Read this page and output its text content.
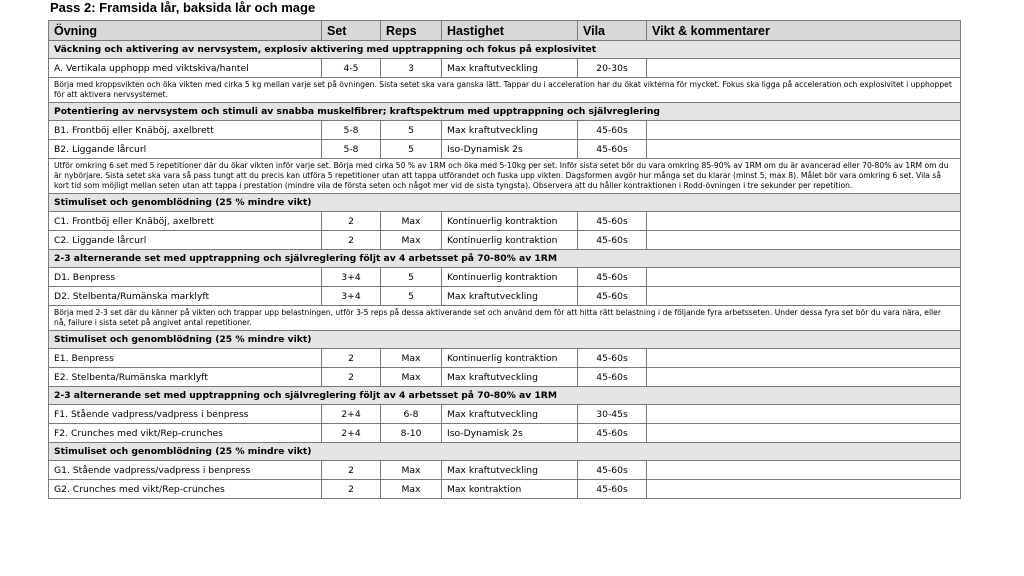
Pass 2: Framsida lår, baksida lår och mage
Övning	Set	Reps	Hastighet	Vila	Vikt & kommentarer
Väckning och aktivering av nervsystem, explosiv aktivering med upptrappning och fokus på explosivitet					
A. Vertikala upphopp med viktskiva/hantel	4-5	3	Max kraftutveckling	20-30s	
Börja med kroppsvikten och öka vikten med cirka 5 kg mellan varje set på övningen. Sista setet ska vara ganska lätt. Tappar du i acceleration har du ökat vikterna för mycket. Fokus ska ligga på acceleration och explosivitet i upphoppet för att aktivera nervsystemet.					
Potentiering av nervsystem och stimuli av snabba muskelfibrer; kraftspektrum med upptrappning och självreglering					
B1. Frontböj eller Knäböj, axelbrett	5-8	5	Max kraftutveckling	45-60s	
B2. Liggande lårcurl	5-8	5	Iso-Dynamisk 2s	45-60s	
Utför omkring 6 set med 5 repetitioner där du ökar vikten inför varje set. Börja med cirka 50 % av 1RM och öka med 5-10kg per set. Inför sista setet bör du vara omkring 85-90% av 1RM om du är avancerad eller 70-80% av 1RM om du är nybörjare. Sista setet ska vara så pass tungt att du precis kan utföra 5 repetitioner utan att tappa utförandet och fuska upp vikten. Dagsformen avgör hur många set du klarar (minst 5, max 8). Målet bör vara omkring 6 set. Vila så kort tid som möjligt mellan seten utan att tappa i prestation (mindre vila de första seten och något mer vid de sista tyngsta). Observera att du håller kontraktionen i Rodd-övningen i tre sekunder per repetition.					
Stimuliset och genomblödning (25 % mindre vikt)					
C1. Frontböj eller Knäböj, axelbrett	2	Max	Kontinuerlig kontraktion	45-60s	
C2. Liggande lårcurl	2	Max	Kontinuerlig kontraktion	45-60s	
2-3 alternerande set med upptrappning och självreglering följt av 4 arbetsset på 70-80% av 1RM					
D1. Benpress	3+4	5	Kontinuerlig kontraktion	45-60s	
D2. Stelbenta/Rumänska marklyft	3+4	5	Max kraftutveckling	45-60s	
Börja med 2-3 set där du känner på vikten och trappar upp belastningen, utför 3-5 reps på dessa aktiverande set och använd dem för att hitta rätt belastning i de följande fyra arbetsseten. Under dessa fyra set bör du vara nära, eller nå, failure i sista setet på angivet antal repetitioner.					
Stimuliset och genomblödning (25 % mindre vikt)					
E1. Benpress	2	Max	Kontinuerlig kontraktion	45-60s	
E2. Stelbenta/Rumänska marklyft	2	Max	Max kraftutveckling	45-60s	
2-3 alternerande set med upptrappning och självreglering följt av 4 arbetsset på 70-80% av 1RM					
F1. Stående vadpress/vadpress i benpress	2+4	6-8	Max kraftutveckling	30-45s	
F2. Crunches med vikt/Rep-crunches	2+4	8-10	Iso-Dynamisk 2s	45-60s	
Stimuliset och genomblödning (25 % mindre vikt)					
G1. Stående vadpress/vadpress i benpress	2	Max	Max kraftutveckling	45-60s	
G2. Crunches med vikt/Rep-crunches	2	Max	Max kontraktion	45-60s	
